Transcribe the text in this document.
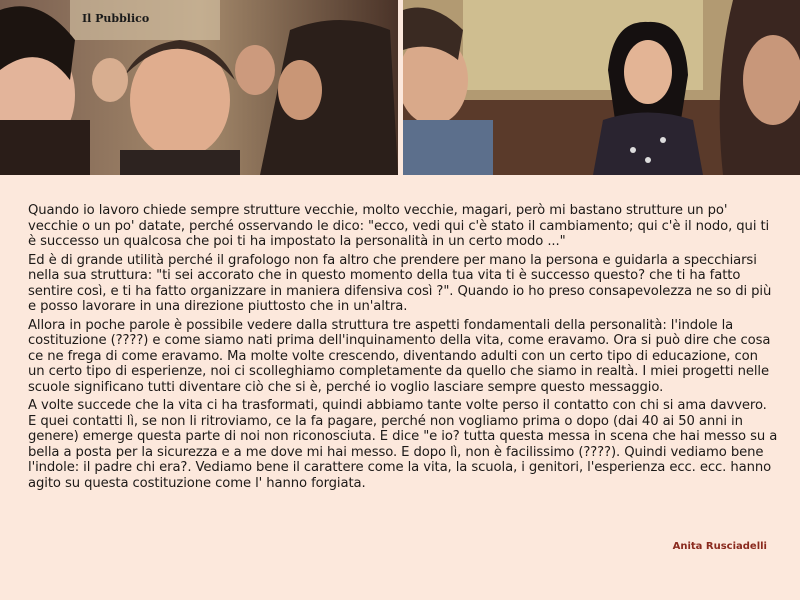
Il Pubblico

Quando io lavoro chiede sempre strutture vecchie, molto vecchie, magari, però mi bastano strutture un po' vecchie o un po' datate, perché osservando le dico: "ecco, vedi qui c'è stato il cambiamento; qui c'è il nodo, qui ti è successo un qualcosa che poi ti ha impostato la personalità in un certo modo ..."

Ed è di grande utilità perché il grafologo non fa altro che prendere per mano la persona e guidarla a specchiarsi nella sua struttura: "ti sei accorato che in questo momento della tua vita ti è successo questo? che ti ha fatto sentire così, e ti ha fatto organizzare in maniera difensiva così ?". Quando io ho preso consapevolezza ne so di più e posso lavorare in una direzione piuttosto che in un'altra.

Allora in poche parole è possibile vedere dalla struttura tre aspetti fondamentali della personalità: l'indole la costituzione (????) e come siamo nati prima dell'inquinamento della vita, come eravamo. Ora si può dire che cosa ce ne frega di come eravamo. Ma molte volte crescendo, diventando adulti con un certo tipo di educazione, con un certo tipo di esperienze, noi ci scolleghiamo completamente da quello che siamo in realtà. I miei progetti nelle scuole significano tutti diventare ciò che si è, perché io voglio lasciare sempre questo messaggio.

A volte succede che la vita ci ha trasformati, quindi abbiamo tante volte perso il contatto con chi si ama davvero. E quei contatti lì, se non li ritroviamo, ce la fa pagare, perché non vogliamo prima o dopo (dai 40 ai 50 anni in genere) emerge questa parte di noi non riconosciuta. E dice "e io? tutta questa messa in scena che hai messo su a bella a posta per la sicurezza e a me dove mi hai messo. E dopo lì, non è facilissimo (????). Quindi vediamo bene l'indole: il padre chi era?. Vediamo bene il carattere come la vita, la scuola, i genitori, l'esperienza ecc. ecc. hanno agito su questa costituzione come l' hanno forgiata.

Anita Rusciadelli
